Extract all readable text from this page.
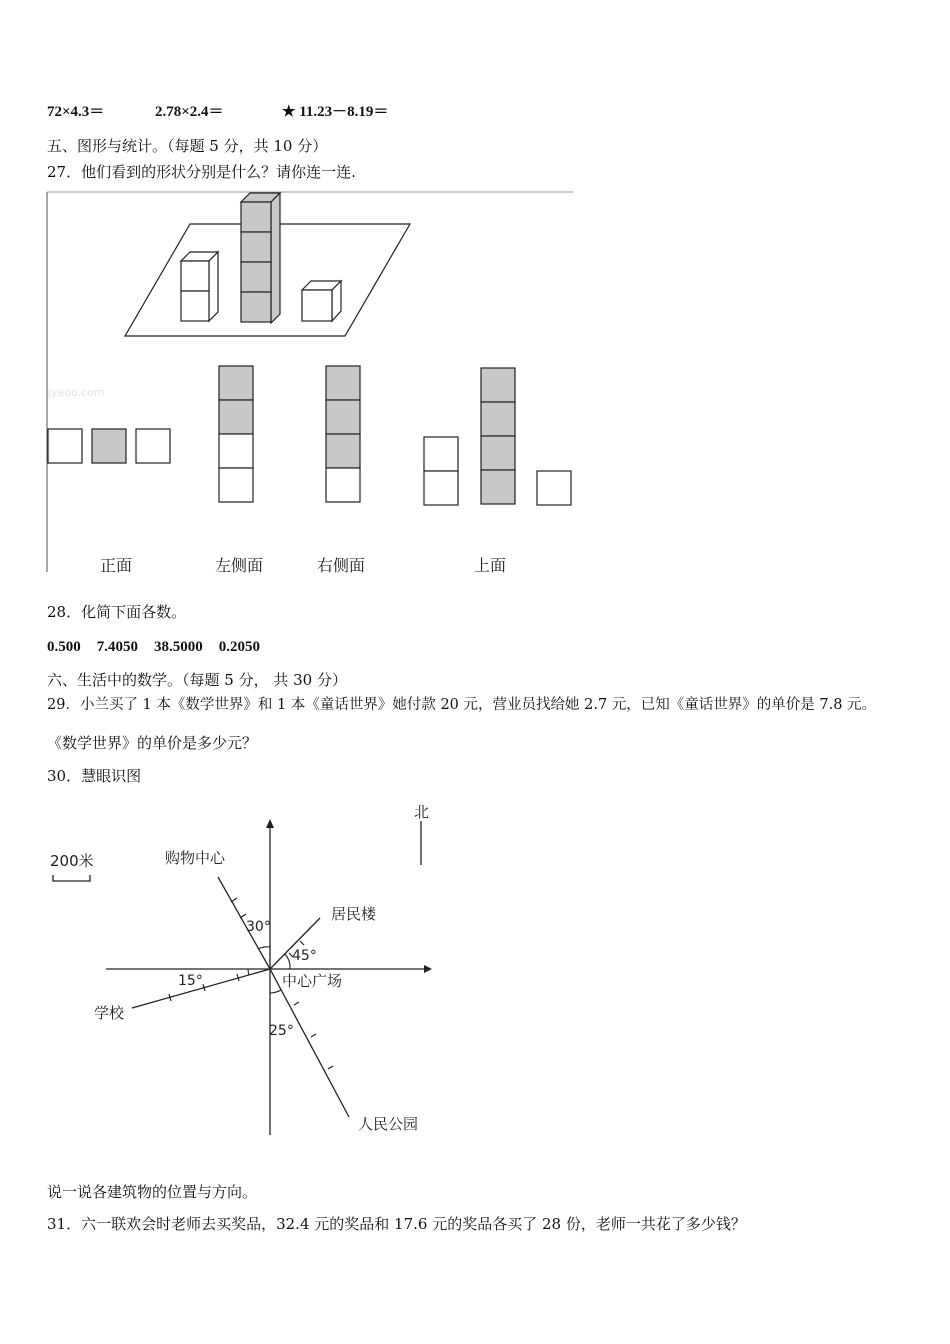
72×4.3＝	2.78×2.4＝	★ 11.23－8.19＝
五、图形与统计。（每题 5 分，共 10 分）
27．他们看到的形状分别是什么？请你连一连.
jyeoo.com
正面	左侧面	右侧面	上面
28．化简下面各数。
0.500 7.4050 38.5000 0.2050
六、生活中的数学。（每题 5 分， 共 30 分）
29．小兰买了 1 本《数学世界》和 1 本《童话世界》她付款 20 元，营业员找给她 2.7 元，已知《童话世界》的单价是 7.8 元。
《数学世界》的单价是多少元？
30．慧眼识图
北
200米	购物中心
30°
居民楼
45°
中心广场
学校
15°
人民公园
25°
说一说各建筑物的位置与方向。
31．六一联欢会时老师去买奖品，32.4 元的奖品和 17.6 元的奖品各买了 28 份，老师一共花了多少钱？
